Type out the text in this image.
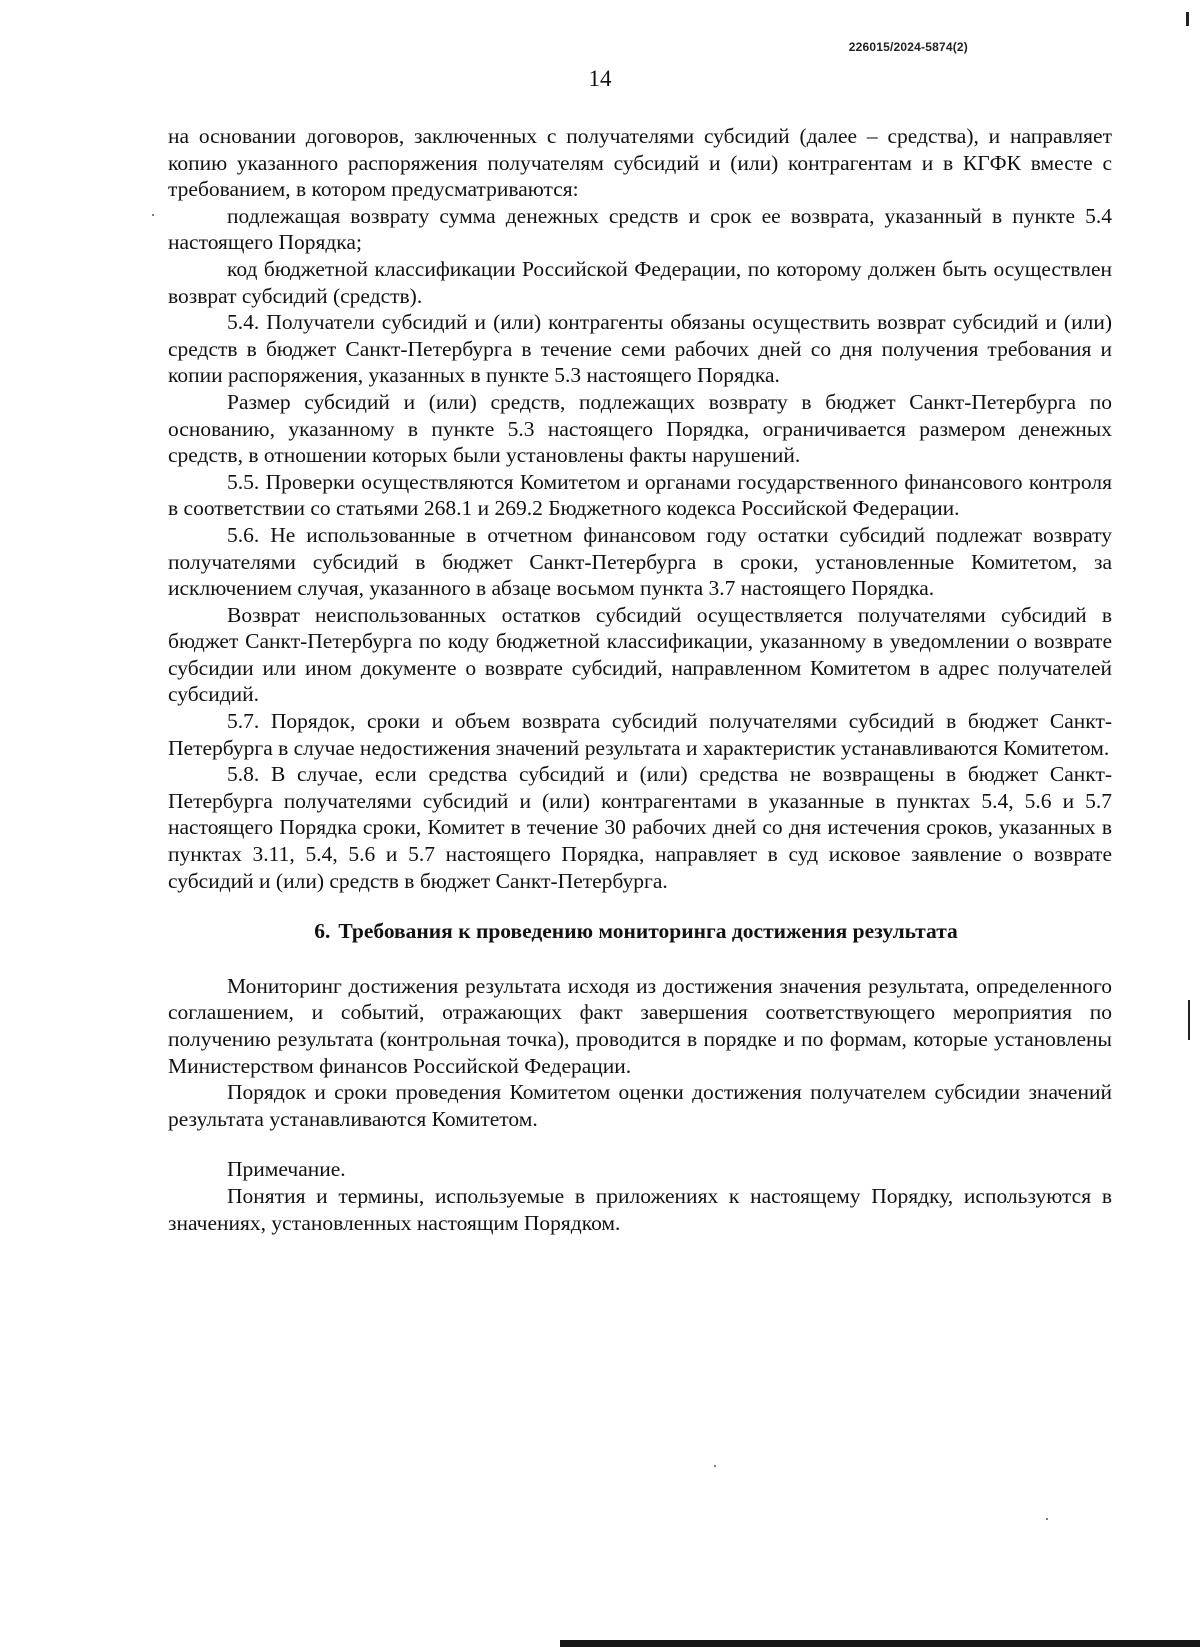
226015/2024-5874(2)
14

на основании договоров, заключенных с получателями субсидий (далее – средства), и направляет копию указанного распоряжения получателям субсидий и (или) контрагентам и в КГФК вместе с требованием, в котором предусматриваются:

подлежащая возврату сумма денежных средств и срок ее возврата, указанный в пункте 5.4 настоящего Порядка;

код бюджетной классификации Российской Федерации, по которому должен быть осуществлен возврат субсидий (средств).

5.4. Получатели субсидий и (или) контрагенты обязаны осуществить возврат субсидий и (или) средств в бюджет Санкт-Петербурга в течение семи рабочих дней со дня получения требования и копии распоряжения, указанных в пункте 5.3 настоящего Порядка.

Размер субсидий и (или) средств, подлежащих возврату в бюджет Санкт-Петербурга по основанию, указанному в пункте 5.3 настоящего Порядка, ограничивается размером денежных средств, в отношении которых были установлены факты нарушений.

5.5. Проверки осуществляются Комитетом и органами государственного финансового контроля в соответствии со статьями 268.1 и 269.2 Бюджетного кодекса Российской Федерации.

5.6. Не использованные в отчетном финансовом году остатки субсидий подлежат возврату получателями субсидий в бюджет Санкт-Петербурга в сроки, установленные Комитетом, за исключением случая, указанного в абзаце восьмом пункта 3.7 настоящего Порядка.

Возврат неиспользованных остатков субсидий осуществляется получателями субсидий в бюджет Санкт-Петербурга по коду бюджетной классификации, указанному в уведомлении о возврате субсидии или ином документе о возврате субсидий, направленном Комитетом в адрес получателей субсидий.

5.7. Порядок, сроки и объем возврата субсидий получателями субсидий в бюджет Санкт-Петербурга в случае недостижения значений результата и характеристик устанавливаются Комитетом.

5.8. В случае, если средства субсидий и (или) средства не возвращены в бюджет Санкт-Петербурга получателями субсидий и (или) контрагентами в указанные в пунктах 5.4, 5.6 и 5.7 настоящего Порядка сроки, Комитет в течение 30 рабочих дней со дня истечения сроков, указанных в пунктах 3.11, 5.4, 5.6 и 5.7 настоящего Порядка, направляет в суд исковое заявление о возврате субсидий и (или) средств в бюджет Санкт-Петербурга.

6. Требования к проведению мониторинга достижения результата

Мониторинг достижения результата исходя из достижения значения результата, определенного соглашением, и событий, отражающих факт завершения соответствующего мероприятия по получению результата (контрольная точка), проводится в порядке и по формам, которые установлены Министерством финансов Российской Федерации.

Порядок и сроки проведения Комитетом оценки достижения получателем субсидии значений результата устанавливаются Комитетом.

Примечание.

Понятия и термины, используемые в приложениях к настоящему Порядку, используются в значениях, установленных настоящим Порядком.
